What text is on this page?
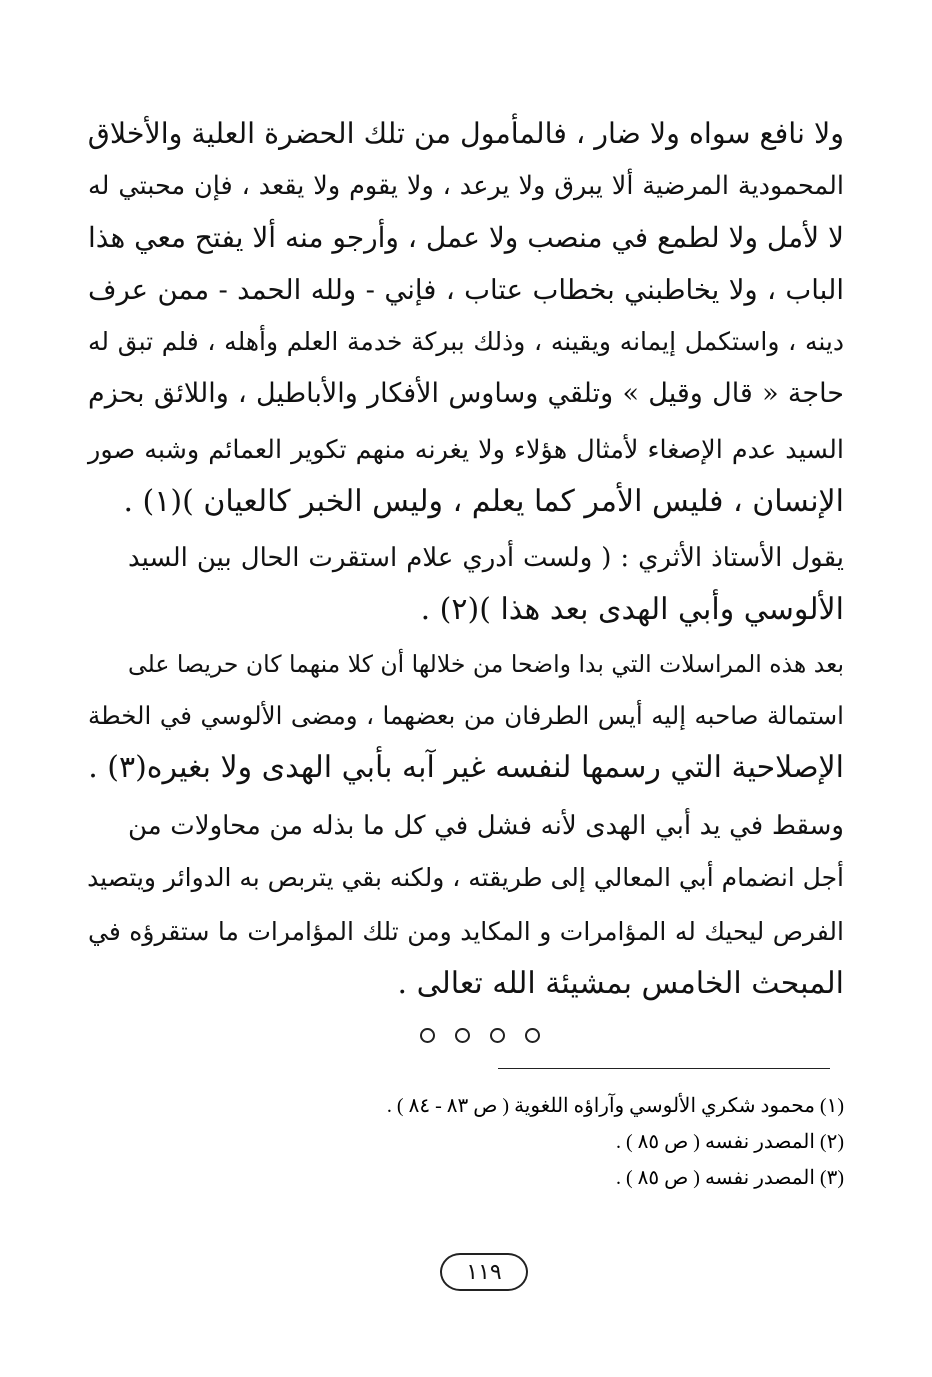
ولا نافع سواه ولا ضار ، فالمأمول من تلك الحضرة العلية والأخلاق
المحمودية المرضية ألا يبرق ولا يرعد ، ولا يقوم ولا يقعد ، فإن محبتي له
لا لأمل ولا لطمع في منصب ولا عمل ، وأرجو منه ألا يفتح معي هذا
الباب ، ولا يخاطبني بخطاب عتاب ، فإني - ولله الحمد - ممن عرف
دينه ، واستكمل إيمانه ويقينه ، وذلك ببركة خدمة العلم وأهله ، فلم تبق له
حاجة « قال وقيل » وتلقي وساوس الأفكار والأباطيل ، واللائق بحزم
السيد عدم الإصغاء لأمثال هؤلاء ولا يغرنه منهم تكوير العمائم وشبه صور
الإنسان ، فليس الأمر كما يعلم ، وليس الخبر كالعيان )(١) .
يقول الأستاذ الأثري : ( ولست أدري علام استقرت الحال بين السيد
الألوسي وأبي الهدى بعد هذا )(٢) .
بعد هذه المراسلات التي بدا واضحا من خلالها أن كلا منهما كان حريصا على
استمالة صاحبه إليه أيس الطرفان من بعضهما ، ومضى الألوسي في الخطة
الإصلاحية التي رسمها لنفسه غير آبه بأبي الهدى ولا بغيره(٣) .
وسقط في يد أبي الهدى لأنه فشل في كل ما بذله من محاولات من
أجل انضمام أبي المعالي إلى طريقته ، ولكنه بقي يتربص به الدوائر ويتصيد
الفرص ليحيك له المؤامرات و المكايد ومن تلك المؤامرات ما ستقرؤه في
المبحث الخامس بمشيئة الله تعالى .
(١) محمود شكري الألوسي وآراؤه اللغوية ( ص ٨٣ - ٨٤ ) .
(٢) المصدر نفسه ( ص ٨٥ ) .
(٣) المصدر نفسه ( ص ٨٥ ) .
١١٩
